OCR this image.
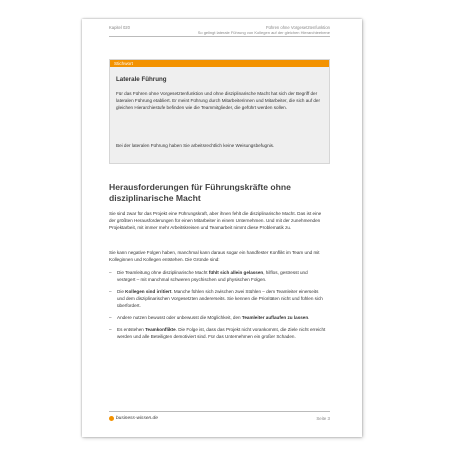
Kapitel 020	Führen ohne Vorgesetztenfunktion
So gelingt laterale Führung von Kollegen auf der gleichen Hierarchieebene
Stichwort
Laterale Führung
Für das Führen ohne Vorgesetztenfunktion und ohne disziplinarische Macht hat sich der Begriff der lateralen Führung etabliert. Er meint Führung durch Mitarbeiterinnen und Mitarbeiter, die sich auf der gleichen Hierarchiestufe befinden wie die Teammitglieder, die geführt werden sollen.
Bei der lateralen Führung haben Sie arbeitsrechtlich keine Weisungsbefugnis.
Herausforderungen für Führungskräfte ohne disziplinarische Macht
Sie sind zwar für das Projekt eine Führungskraft, aber ihnen fehlt die disziplinarische Macht. Das ist eine der größten Herausforderungen für einen Mitarbeiter in einem Unternehmen. Und mit der zunehmenden Projektarbeit, mit immer mehr Arbeitskreisen und Teamarbeit nimmt diese Problematik zu.
Sie kann negative Folgen haben, manchmal kann daraus sogar ein handfester Konflikt im Team und mit Kolleginnen und Kollegen entstehen. Die Gründe sind:
– Die Teamleitung ohne disziplinarische Macht fühlt sich allein gelassen, hilflos, gestresst und verärgert – mit manchmal schweren psychischen und physischen Folgen.
– Die Kollegen sind irritiert. Manche fühlen sich zwischen zwei Stühlen – dem Teamleiter einerseits und dem disziplinarischen Vorgesetzten andererseits. Sie kennen die Prioritäten nicht und fühlen sich überfordert.
– Andere nutzen bewusst oder unbewusst die Möglichkeit, den Teamleiter auflaufen zu lassen.
– Es entstehen Teamkonflikte. Die Folge ist, dass das Projekt nicht vorankommt, die Ziele nicht erreicht werden und alle Beteiligten demotiviert sind. Für das Unternehmen ein großer Schaden.
business-wissen.de	Seite 3
